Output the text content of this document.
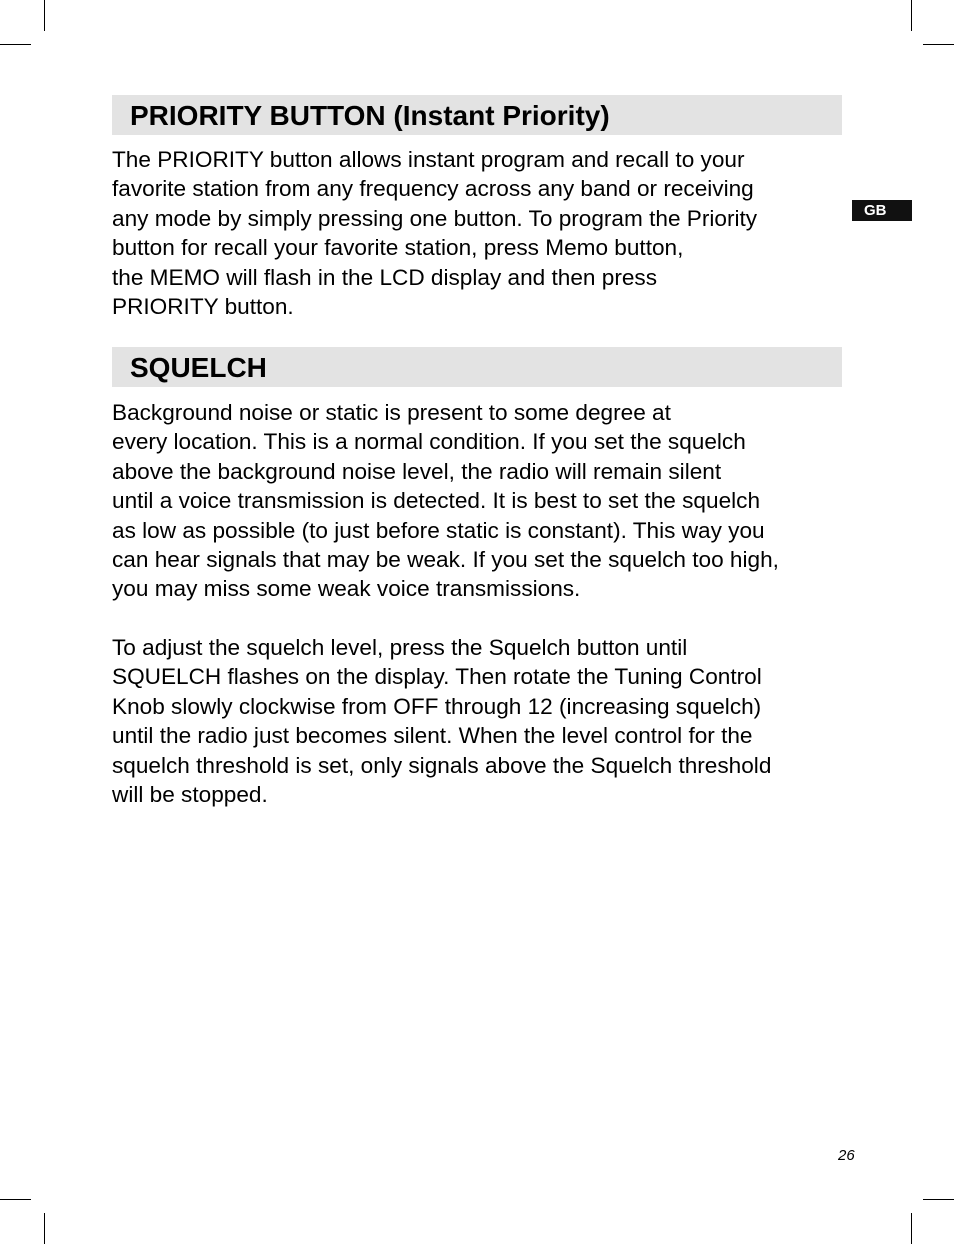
PRIORITY BUTTON (Instant Priority)
The PRIORITY button allows instant program and recall to your
favorite station from any frequency across any band or receiving
any mode by simply pressing one button. To program the Priority
button for recall your favorite station, press Memo button,
the MEMO will flash in the LCD display and then press
PRIORITY button.
SQUELCH
Background noise or static is present to some degree at
every location. This is a normal condition. If you set the squelch
above the background noise level, the radio will remain silent
until a voice transmission is detected. It is best to set the squelch
as low as possible (to just before static is constant). This way you
can hear signals that may be weak. If you set the squelch too high,
you may miss some weak voice transmissions.
To adjust the squelch level, press the Squelch button until
SQUELCH flashes on the display. Then rotate the Tuning Control
Knob slowly clockwise from OFF through 12 (increasing squelch)
until the radio just becomes silent. When the level control for the
squelch threshold is set, only signals above the Squelch threshold
will be stopped.
GB
26
